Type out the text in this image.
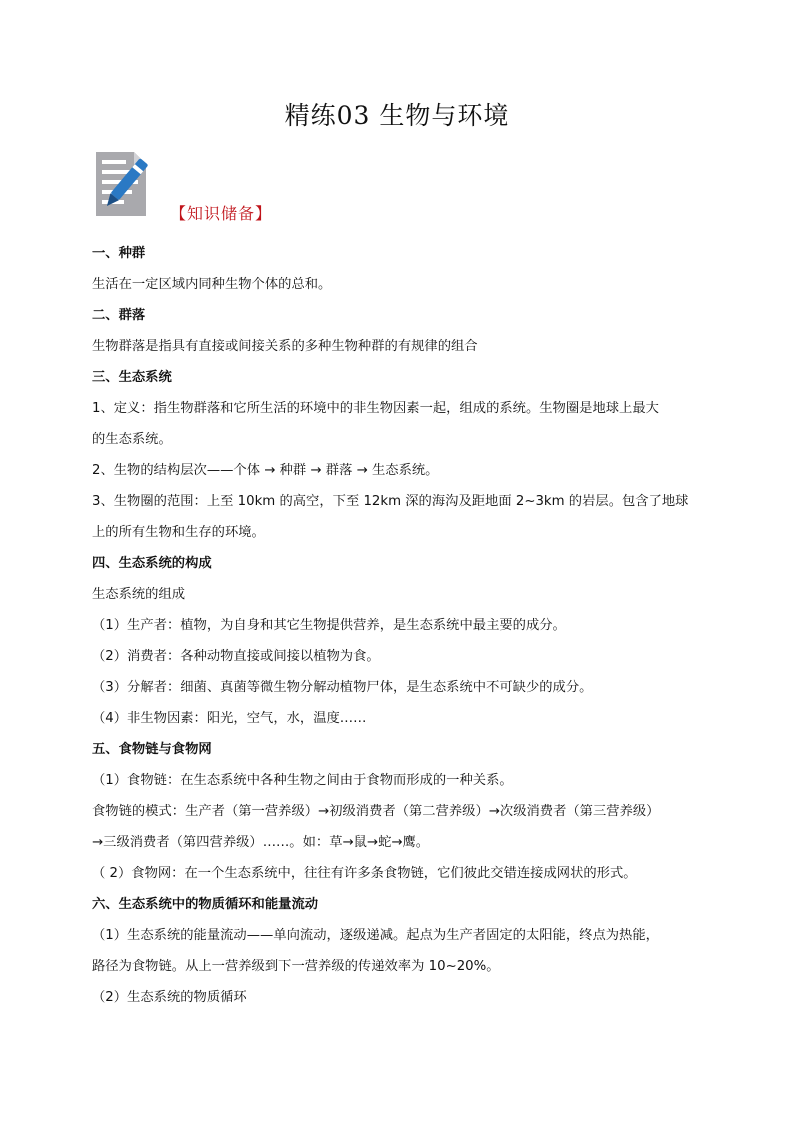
精练03 生物与环境
【知识储备】
一、种群
生活在一定区域内同种生物个体的总和。
二、群落
生物群落是指具有直接或间接关系的多种生物种群的有规律的组合
三、生态系统
1、定义：指生物群落和它所生活的环境中的非生物因素一起，组成的系统。生物圈是地球上最大
的生态系统。
2、生物的结构层次——个体 → 种群 → 群落 → 生态系统。
3、生物圈的范围：上至 10km 的高空，下至 12km 深的海沟及距地面 2~3km 的岩层。包含了地球
上的所有生物和生存的环境。
四、生态系统的构成
生态系统的组成
（1）生产者：植物，为自身和其它生物提供营养，是生态系统中最主要的成分。
（2）消费者：各种动物直接或间接以植物为食。
（3）分解者：细菌、真菌等微生物分解动植物尸体，是生态系统中不可缺少的成分。
（4）非生物因素：阳光，空气，水，温度……
五、食物链与食物网
（1）食物链：在生态系统中各种生物之间由于食物而形成的一种关系。
食物链的模式：生产者（第一营养级）→初级消费者（第二营养级）→次级消费者（第三营养级）
→三级消费者（第四营养级）……。如：草→鼠→蛇→鹰。
（ 2）食物网：在一个生态系统中，往往有许多条食物链，它们彼此交错连接成网状的形式。
六、生态系统中的物质循环和能量流动
（1）生态系统的能量流动——单向流动，逐级递减。起点为生产者固定的太阳能，终点为热能，
路径为食物链。从上一营养级到下一营养级的传递效率为 10~20%。
（2）生态系统的物质循环
